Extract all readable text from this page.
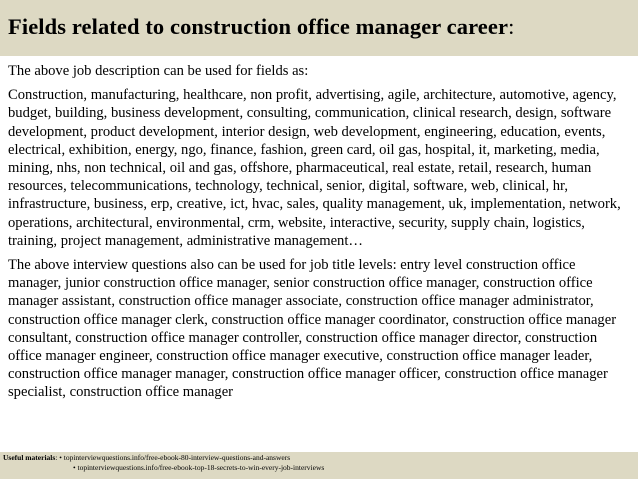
Fields related to construction office manager career:

The above job description can be used for fields as:

Construction, manufacturing, healthcare, non profit, advertising, agile, architecture, automotive, agency, budget, building, business development, consulting, communication, clinical research, design, software development, product development, interior design, web development, engineering, education, events, electrical, exhibition, energy, ngo, finance, fashion, green card, oil gas, hospital, it, marketing, media, mining, nhs, non technical, oil and gas, offshore, pharmaceutical, real estate, retail, research, human resources, telecommunications, technology, technical, senior, digital, software, web, clinical, hr, infrastructure, business, erp, creative, ict, hvac, sales, quality management, uk, implementation, network, operations, architectural, environmental, crm, website, interactive, security, supply chain, logistics, training, project management, administrative management…

The above interview questions also can be used for job title levels: entry level construction office manager, junior construction office manager, senior construction office manager, construction office manager assistant, construction office manager associate, construction office manager administrator, construction office manager clerk, construction office manager coordinator, construction office manager consultant, construction office manager controller, construction office manager director, construction office manager engineer, construction office manager executive, construction office manager leader, construction office manager manager, construction office manager officer, construction office manager specialist, construction office manager

Useful materials: • topinterviewquestions.info/free-ebook-80-interview-questions-and-answers
• topinterviewquestions.info/free-ebook-top-18-secrets-to-win-every-job-interviews
